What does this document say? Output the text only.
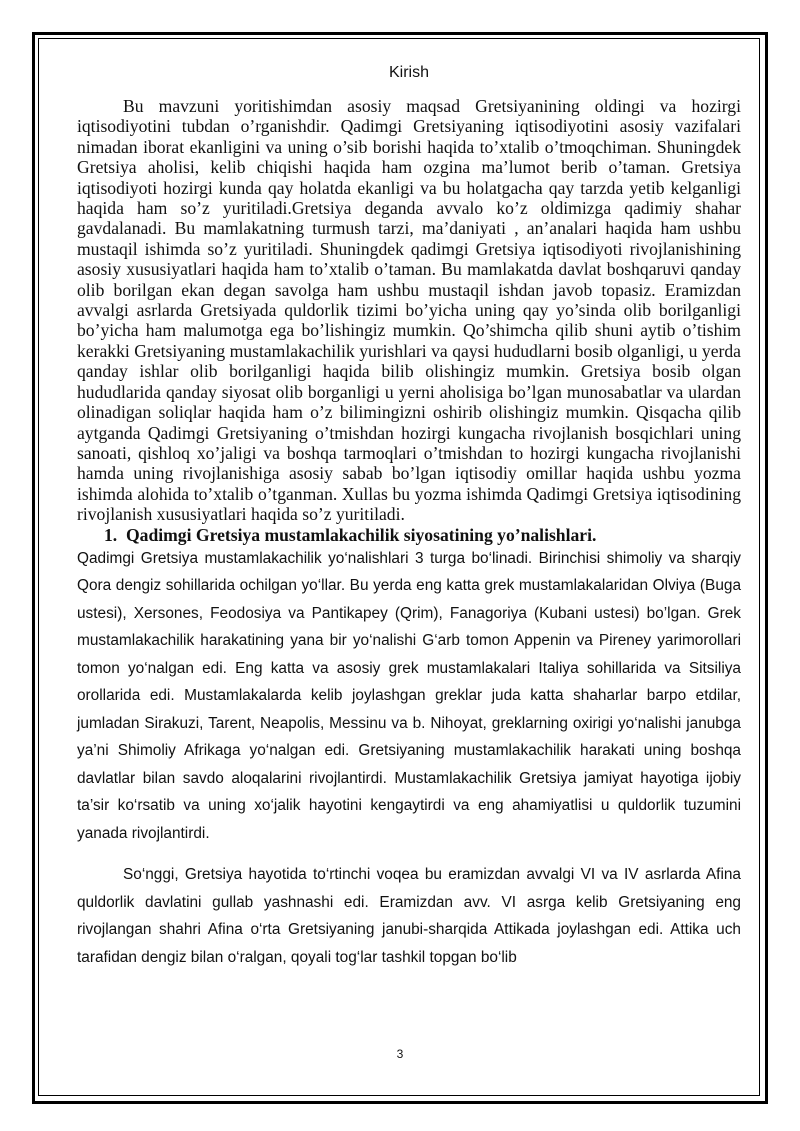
Kirish

Bu mavzuni yoritishimdan asosiy maqsad Gretsiyanining oldingi va hozirgi iqtisodiyotini tubdan o’rganishdir. Qadimgi Gretsiyaning iqtisodiyotini asosiy vazifalari nimadan iborat ekanligini va uning o’sib borishi haqida to’xtalib o’tmoqchiman. Shuningdek Gretsiya aholisi, kelib chiqishi haqida ham ozgina ma’lumot berib o’taman. Gretsiya iqtisodiyoti hozirgi kunda qay holatda ekanligi va bu holatgacha qay tarzda yetib kelganligi haqida ham so’z yuritiladi.Gretsiya deganda avvalo ko’z oldimizga qadimiy shahar gavdalanadi. Bu mamlakatning turmush tarzi, ma’daniyati , an’analari haqida ham ushbu mustaqil ishimda so’z yuritiladi. Shuningdek qadimgi Gretsiya iqtisodiyoti rivojlanishining asosiy xususiyatlari haqida ham to’xtalib o’taman. Bu mamlakatda davlat boshqaruvi qanday olib borilgan ekan degan savolga ham ushbu mustaqil ishdan javob topasiz. Eramizdan avvalgi asrlarda Gretsiyada quldorlik tizimi bo’yicha uning qay yo’sinda olib borilganligi bo’yicha ham malumotga ega bo’lishingiz mumkin. Qo’shimcha qilib shuni aytib o’tishim kerakki Gretsiyaning mustamlakachilik yurishlari va qaysi hududlarni bosib olganligi, u yerda qanday ishlar olib borilganligi haqida bilib olishingiz mumkin. Gretsiya bosib olgan hududlarida qanday siyosat olib borganligi u yerni aholisiga bo’lgan munosabatlar va ulardan olinadigan soliqlar haqida ham o’z bilimingizni oshirib olishingiz mumkin. Qisqacha qilib aytganda Qadimgi Gretsiyaning o’tmishdan hozirgi kungacha rivojlanish bosqichlari uning sanoati, qishloq xo’jaligi va boshqa tarmoqlari o’tmishdan to hozirgi kungacha rivojlanishi hamda uning rivojlanishiga asosiy sabab bo’lgan iqtisodiy omillar haqida ushbu yozma ishimda alohida to’xtalib o’tganman. Xullas bu yozma ishimda Qadimgi Gretsiya iqtisodining rivojlanish xususiyatlari haqida so’z yuritiladi.

1. Qadimgi Gretsiya mustamlakachilik siyosatining yo’nalishlari.

Qadimgi Gretsiya mustamlakachilik yo‘nalishlari 3 turga bo‘linadi. Birinchisi shimoliy va sharqiy Qora dengiz sohillarida ochilgan yo‘llar. Bu yerda eng katta grek mustamlakalaridan Olviya (Buga ustesi), Xersones, Feodosiya va Pantikapey (Qrim), Fanagoriya (Kubani ustesi) bo’lgan. Grek mustamlakachilik harakatining yana bir yo‘nalishi G‘arb tomon Appenin va Pireney yarimorollari tomon yo‘nalgan edi. Eng katta va asosiy grek mustamlakalari Italiya sohillarida va Sitsiliya orollarida edi. Mustamlakalarda kelib joylashgan greklar juda katta shaharlar barpo etdilar, jumladan Sirakuzi, Tarent, Neapolis, Messinu va b. Nihoyat, greklarning oxirigi yo‘nalishi janubga ya’ni Shimoliy Afrikaga yo‘nalgan edi. Gretsiyaning mustamlakachilik harakati uning boshqa davlatlar bilan savdo aloqalarini rivojlantirdi. Mustamlakachilik Gretsiya jamiyat hayotiga ijobiy ta’sir ko‘rsatib va uning xo‘jalik hayotini kengaytirdi va eng ahamiyatlisi u quldorlik tuzumini yanada rivojlantirdi.

So‘nggi, Gretsiya hayotida to‘rtinchi voqea bu eramizdan avvalgi VI va IV asrlarda Afina quldorlik davlatini gullab yashnashi edi. Eramizdan avv. VI asrga kelib Gretsiyaning eng rivojlangan shahri Afina o‘rta Gretsiyaning janubi-sharqida Attikada joylashgan edi. Attika uch tarafidan dengiz bilan o‘ralgan, qoyali tog‘lar tashkil topgan bo‘lib

3
